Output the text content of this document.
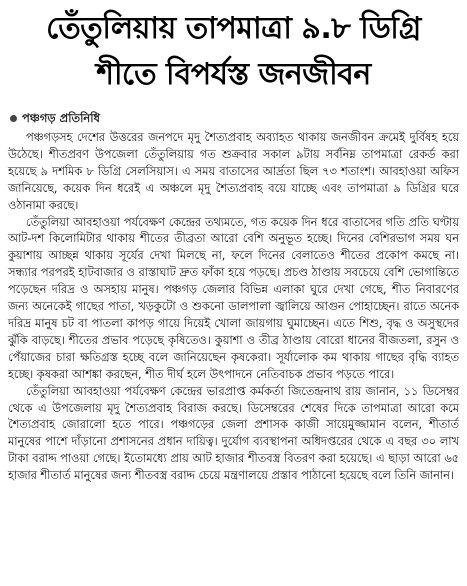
তেঁতুলিয়ায় তাপমাত্রা ৯.৮ ডিগ্রি
শীতে বিপর্যস্ত জনজীবন
পঞ্চগড় প্রতিনিধি

পঞ্চগড়সহ দেশের উত্তরের জনপদে মৃদু শৈত্যপ্রবাহ অব্যাহত থাকায় জনজীবন ক্রমেই দুর্বিষহ হয়ে উঠেছে। শীতপ্রবণ উপজেলা তেঁতুলিয়ায় গত শুক্রবার সকাল ৯টায় সর্বনিম্ন তাপমাত্রা রেকর্ড করা হয়েছে ৯ দশমিক ৮ ডিগ্রি সেলসিয়াস। এ সময় বাতাসের আর্দ্রতা ছিল ৭৩ শতাংশ। আবহাওয়া অফিস জানিয়েছে, কয়েক দিন ধরেই এ অঞ্চলে মৃদু শৈত্যপ্রবাহ বয়ে যাচ্ছে এবং তাপমাত্রা ৯ ডিগ্রির ঘরে ওঠানামা করছে।

তেঁতুলিয়া আবহাওয়া পর্যবেক্ষণ কেন্দ্রের তথ্যমতে, গত কয়েক দিন ধরে বাতাসের গতি প্রতি ঘণ্টায় আট-দশ কিলোমিটার থাকায় শীতের তীব্রতা আরো বেশি অনুভূত হচ্ছে। দিনের বেশিরভাগ সময় ঘন কুয়াশায় আচ্ছন্ন থাকায় সূর্যের দেখা মিলছে না, ফলে দিনের বেলাতেও শীতের প্রকোপ কমছে না। সন্ধ্যার পরপরই হাটবাজার ও রাস্তাঘাট দ্রুত ফাঁকা হয়ে পড়ছে। প্রচণ্ড ঠাণ্ডায় সবচেয়ে বেশি ভোগান্তিতে পড়েছেন দরিদ্র ও অসহায় মানুষ। পঞ্চগড় জেলার বিভিন্ন এলাকা ঘুরে দেখা গেছে, শীত নিবারণের জন্য অনেকেই গাছের পাতা, খড়কুটো ও শুকনো ডালপালা জ্বালিয়ে আগুন পোহাচ্ছেন। রাতে অনেক দরিদ্র মানুষ চট বা পাতলা কাপড় গায়ে দিয়েই খোলা জায়গায় ঘুমাচ্ছেন। এতে শিশু, বৃদ্ধ ও অসুস্থদের ঝুঁকি বাড়ছে। শীতের প্রভাব পড়েছে কৃষিতেও। কুয়াশা ও তীব্র ঠাণ্ডায় বোরো ধানের বীজতলা, রসুন ও পেঁয়াজের চারা ক্ষতিগ্রস্ত হচ্ছে বলে জানিয়েছেন কৃষকেরা। সূর্যালোক কম থাকায় গাছের বৃদ্ধি ব্যাহত হচ্ছে। কৃষকরা আশঙ্কা করছেন, শীত দীর্ঘ হলে উৎপাদনে নেতিবাচক প্রভাব পড়তে পারে।

তেঁতুলিয়া আবহাওয়া পর্যবেক্ষণ কেন্দ্রের ভারপ্রাপ্ত কর্মকর্তা জিতেন্দ্রনাথ রায় জানান, ১১ ডিসেম্বর থেকে এ উপজেলায় মৃদু শৈত্যপ্রবাহ বিরাজ করছে। ডিসেম্বরের শেষের দিকে তাপমাত্রা আরো কমে শৈত্যপ্রবাহ জোরালো হতে পারে। পঞ্চগড়ের জেলা প্রশাসক কাজী সায়েমুজ্জামান বলেন, শীতার্ত মানুষের পাশে দাঁড়ানো প্রশাসনের প্রধান দায়িত্ব। দুর্যোগ ব্যবস্থাপনা অধিদপ্তরের থেকে এ বছর ৩০ লাখ টাকা বরাদ্দ পাওয়া গেছে। ইতোমধ্যে প্রায় আট হাজার শীতবস্ত্র বিতরণ করা হয়েছে। এ ছাড়া আরো ৬৫ হাজার শীতার্ত মানুষের জন্য শীতবস্ত্র বরাদ্দ চেয়ে মন্ত্রণালয়ে প্রস্তাব পাঠানো হয়েছে বলে তিনি জানান।
